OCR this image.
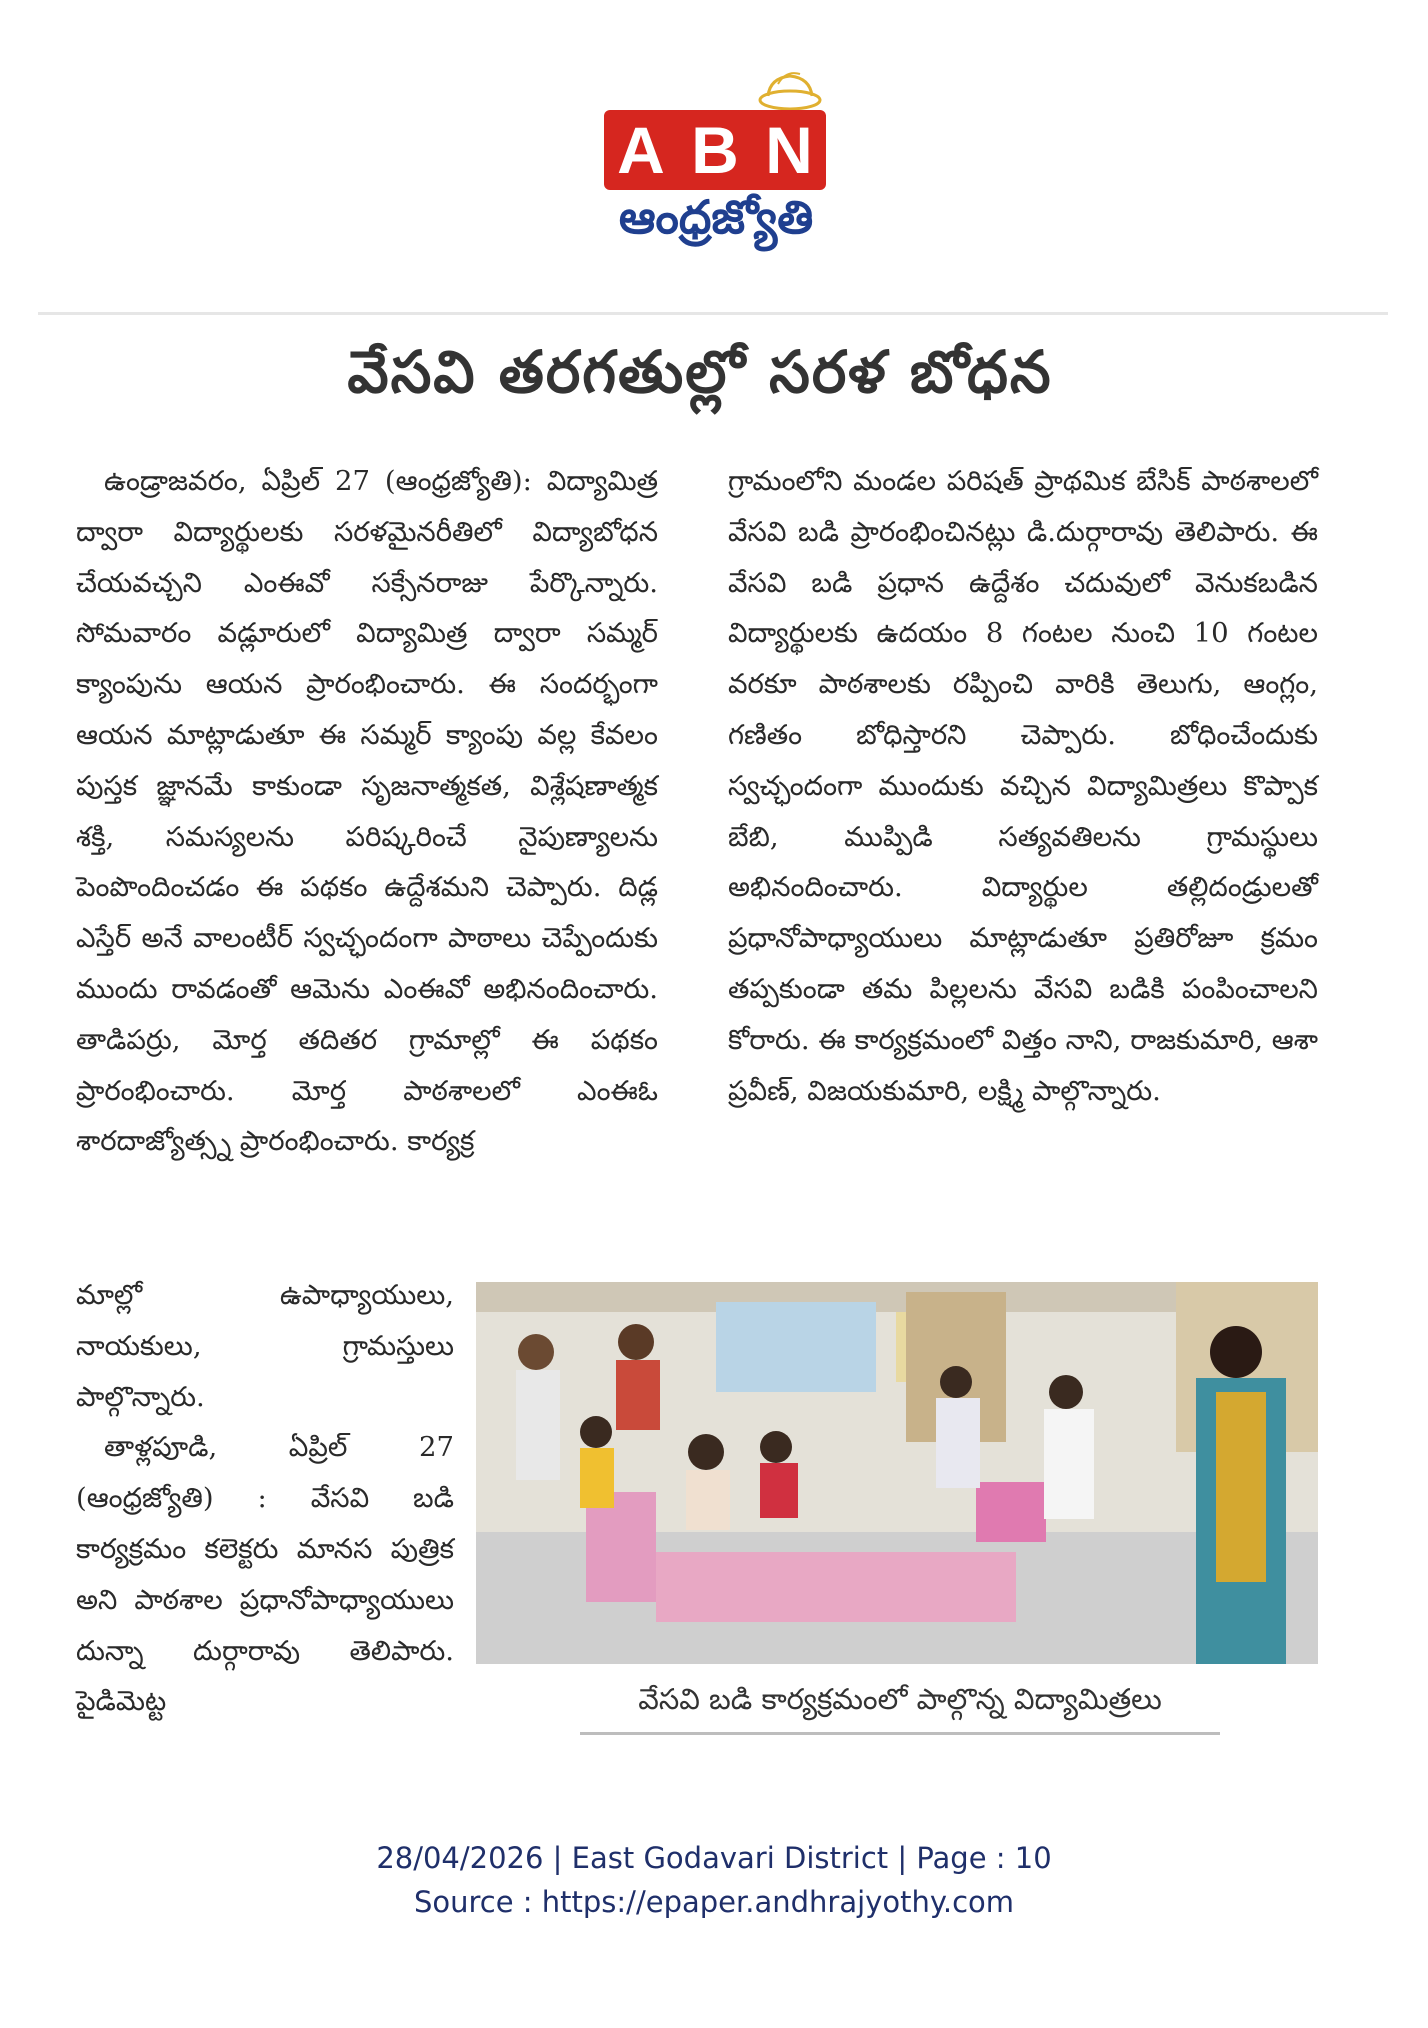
A B N
ఆంధ్రజ్యోతి
వేసవి తరగతుల్లో సరళ బోధన

ఉండ్రాజవరం, ఏప్రిల్ 27 (ఆంధ్రజ్యోతి): విద్యామిత్ర ద్వారా విద్యార్థులకు సరళమైనరీతిలో విద్యాబోధన చేయవచ్చని ఎంఈవో సక్సేనరాజు పేర్కొన్నారు. సోమవారం వడ్లూరులో విద్యామిత్ర ద్వారా సమ్మర్ క్యాంపును ఆయన ప్రారంభించారు. ఈ సందర్భంగా ఆయన మాట్లాడుతూ ఈ సమ్మర్ క్యాంపు వల్ల కేవలం పుస్తక జ్ఞానమే కాకుండా సృజనాత్మకత, విశ్లేషణాత్మక శక్తి, సమస్యలను పరిష్కరించే నైపుణ్యాలను పెంపొందించడం ఈ పథకం ఉద్దేశమని చెప్పారు. దిడ్ల ఎస్తేర్ అనే వాలంటీర్ స్వచ్ఛందంగా పాఠాలు చెప్పేందుకు ముందు రావడంతో ఆమెను ఎంఈవో అభినందించారు. తాడిపర్రు, మోర్త తదితర గ్రామాల్లో ఈ పథకం ప్రారంభించారు. మోర్త పాఠశాలలో ఎంఈఓ శారదాజ్యోత్స్న ప్రారంభించారు. కార్యక్ర

గ్రామంలోని మండల పరిషత్ ప్రాథమిక బేసిక్ పాఠశాలలో వేసవి బడి ప్రారంభించినట్లు డి.దుర్గారావు తెలిపారు. ఈ వేసవి బడి ప్రధాన ఉద్దేశం చదువులో వెనుకబడిన విద్యార్థులకు ఉదయం 8 గంటల నుంచి 10 గంటల వరకూ పాఠశాలకు రప్పించి వారికి తెలుగు, ఆంగ్లం, గణితం బోధిస్తారని చెప్పారు. బోధించేందుకు స్వచ్ఛందంగా ముందుకు వచ్చిన విద్యామిత్రలు కొప్పాక బేబి, ముప్పిడి సత్యవతిలను గ్రామస్థులు అభినందించారు. విద్యార్థుల తల్లిదండ్రులతో ప్రధానోపాధ్యాయులు మాట్లాడుతూ ప్రతిరోజూ క్రమం తప్పకుండా తమ పిల్లలను వేసవి బడికి పంపించాలని కోరారు. ఈ కార్యక్రమంలో విత్తం నాని, రాజకుమారి, ఆశా ప్రవీణ్, విజయకుమారి, లక్ష్మి పాల్గొన్నారు.

మాల్లో ఉపాధ్యాయులు, నాయకులు, గ్రామస్తులు పాల్గొన్నారు.

తాళ్లపూడి, ఏప్రిల్ 27 (ఆంధ్రజ్యోతి) : వేసవి బడి కార్యక్రమం కలెక్టరు మానస పుత్రిక అని పాఠశాల ప్రధానోపాధ్యాయులు దున్నా దుర్గారావు తెలిపారు. పైడిమెట్ట	వేసవి బడి కార్యక్రమంలో పాల్గొన్న విద్యామిత్రలు
28/04/2026 | East Godavari District | Page : 10
Source : https://epaper.andhrajyothy.com
